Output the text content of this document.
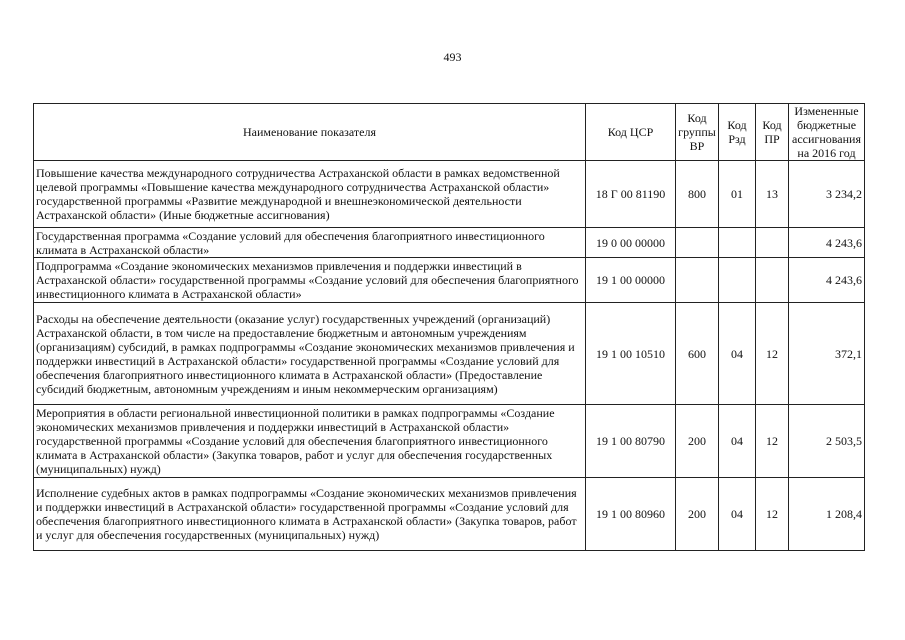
493
Наименование показателя	Код ЦСР	Код группы ВР	Код Рзд	Код ПР	Измененные бюджетные ассигнования на 2016 год
Повышение качества международного сотрудничества Астраханской области в рамках ведомственной целевой программы «Повышение качества международного сотрудничества Астраханской области» государственной программы «Развитие международной и внешнеэкономической деятельности Астраханской области» (Иные бюджетные ассигнования)	18 Г 00 81190	800	01	13	3 234,2
Государственная программа «Создание условий для обеспечения благоприятного инвестиционного климата в Астраханской области»	19 0 00 00000				4 243,6
Подпрограмма «Создание экономических механизмов привлечения и поддержки инвестиций в Астраханской области» государственной программы «Создание условий для обеспечения благоприятного инвестиционного климата в Астраханской области»	19 1 00 00000				4 243,6
Расходы на обеспечение деятельности (оказание услуг) государственных учреждений (организаций) Астраханской области, в том числе на предоставление бюджетным и автономным учреждениям (организациям) субсидий, в рамках подпрограммы «Создание экономических механизмов привлечения и поддержки инвестиций в Астраханской области» государственной программы «Создание условий для обеспечения благоприятного инвестиционного климата в Астраханской области» (Предоставление субсидий бюджетным, автономным учреждениям и иным некоммерческим организациям)	19 1 00 10510	600	04	12	372,1
Мероприятия в области региональной инвестиционной политики в рамках подпрограммы «Создание экономических механизмов привлечения и поддержки инвестиций в Астраханской области» государственной программы «Создание условий для обеспечения благоприятного инвестиционного климата в Астраханской области» (Закупка товаров, работ и услуг для обеспечения государственных (муниципальных) нужд)	19 1 00 80790	200	04	12	2 503,5
Исполнение судебных актов в рамках подпрограммы «Создание экономических механизмов привлечения и поддержки инвестиций в Астраханской области» государственной программы «Создание условий для обеспечения благоприятного инвестиционного климата в Астраханской области» (Закупка товаров, работ и услуг для обеспечения государственных (муниципальных) нужд)	19 1 00 80960	200	04	12	1 208,4
